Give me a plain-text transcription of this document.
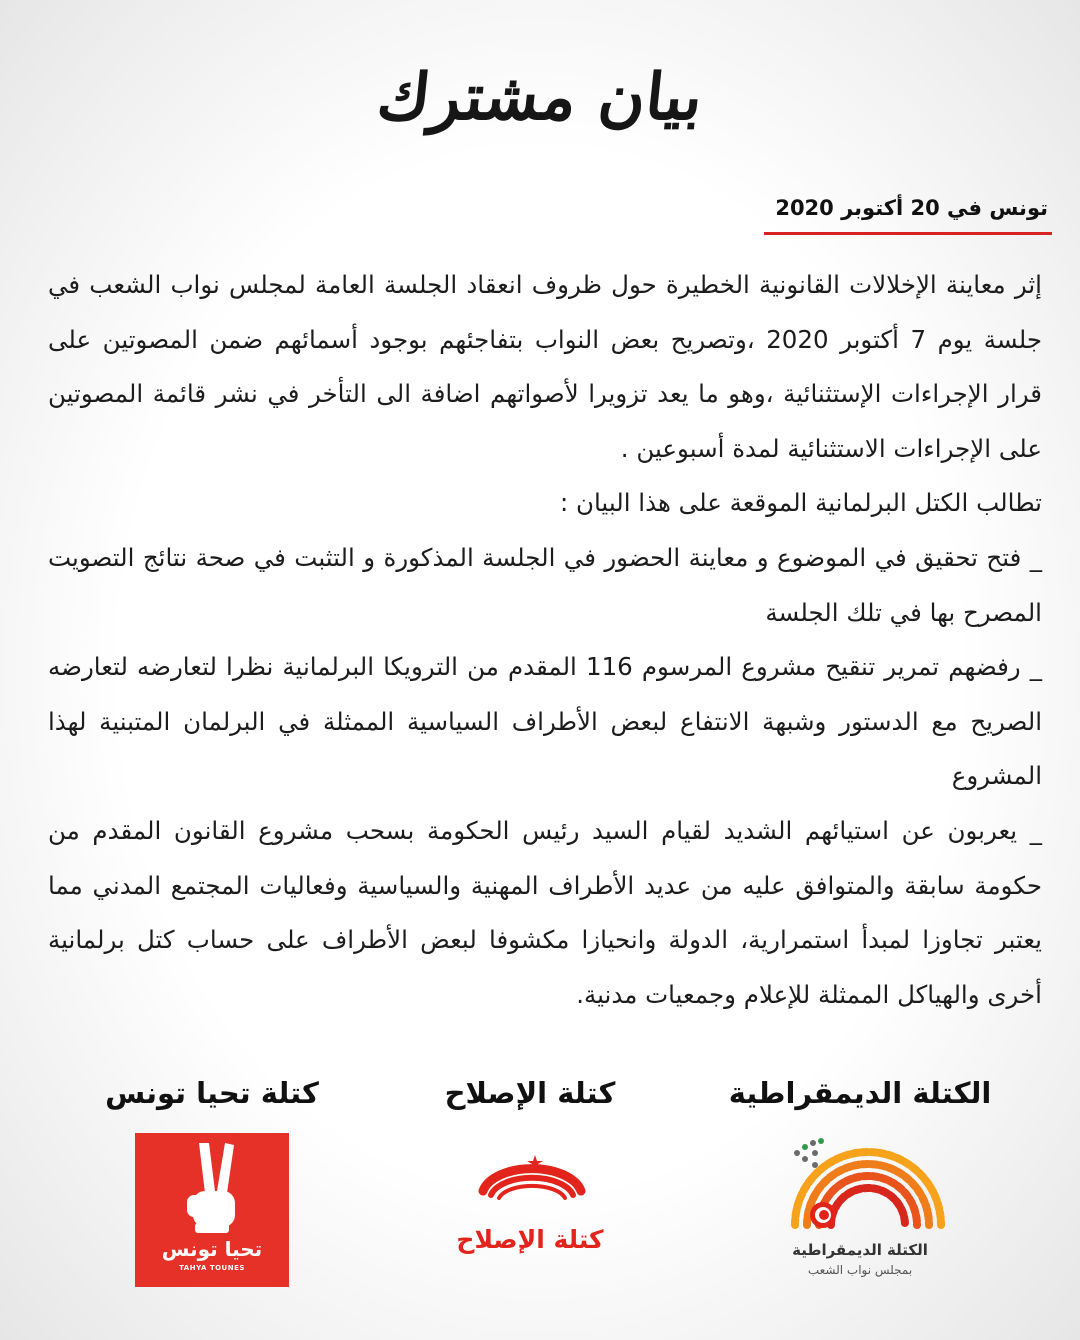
بيان مشترك
تونس في 20 أكتوبر 2020

إثر معاينة الإخلالات القانونية الخطيرة حول ظروف انعقاد الجلسة العامة لمجلس نواب الشعب في جلسة يوم 7 أكتوبر 2020 ،وتصريح بعض النواب بتفاجئهم بوجود أسمائهم ضمن المصوتين على قرار الإجراءات الإستثنائية ،وهو ما يعد تزويرا لأصواتهم اضافة الى التأخر في نشر قائمة المصوتين على الإجراءات الاستثنائية لمدة أسبوعين .

تطالب الكتل البرلمانية الموقعة على هذا البيان :

_ فتح تحقيق في الموضوع و معاينة الحضور في الجلسة المذكورة و التثبت في صحة نتائج التصويت المصرح بها في تلك الجلسة

_ رفضهم تمرير تنقيح مشروع المرسوم 116 المقدم من الترويكا البرلمانية نظرا لتعارضه لتعارضه الصريح مع الدستور وشبهة الانتفاع لبعض الأطراف السياسية الممثلة في البرلمان المتبنية لهذا المشروع

_ يعربون عن استيائهم الشديد لقيام السيد رئيس الحكومة بسحب مشروع القانون المقدم من حكومة سابقة والمتوافق عليه من عديد الأطراف المهنية والسياسية وفعاليات المجتمع المدني مما يعتبر تجاوزا لمبدأ استمرارية، الدولة وانحيازا مكشوفا لبعض الأطراف على حساب كتل برلمانية أخرى والهياكل الممثلة للإعلام وجمعيات مدنية.

كتلة تحيا تونس
تحيا تونس
TAHYA TOUNES
كتلة الإصلاح
كتلة الإصلاح
الكتلة الديمقراطية
الكتلة الديمقراطية
بمجلس نواب الشعب
